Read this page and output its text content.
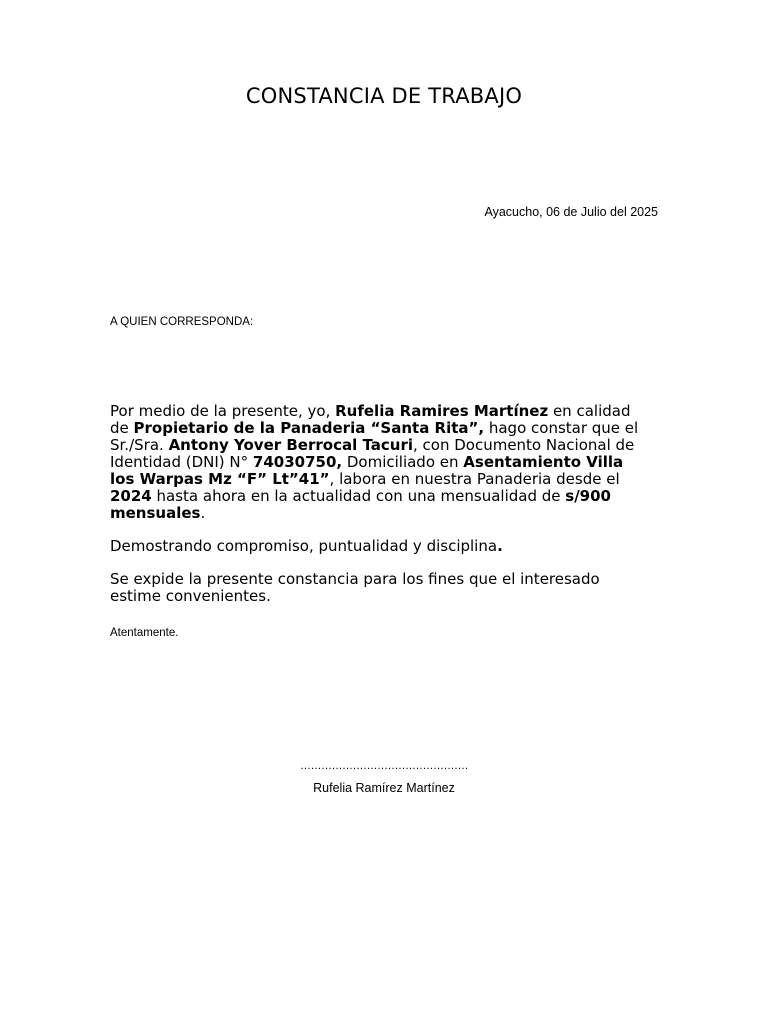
CONSTANCIA DE TRABAJO
Ayacucho, 06 de Julio del 2025
A QUIEN CORRESPONDA:

Por medio de la presente, yo, Rufelia Ramires Martínez en calidad de Propietario de la Panaderia “Santa Rita”, hago constar que el Sr./Sra. Antony Yover Berrocal Tacuri, con Documento Nacional de Identidad (DNI) N° 74030750, Domiciliado en Asentamiento Villa los Warpas Mz “F” Lt”41”, labora en nuestra Panaderia desde el 2024 hasta ahora en la actualidad con una mensualidad de s/900 mensuales.

Demostrando compromiso, puntualidad y disciplina.

Se expide la presente constancia para los fines que el interesado estime convenientes.

Atentamente.
…………………………………………
Rufelia Ramírez Martínez
